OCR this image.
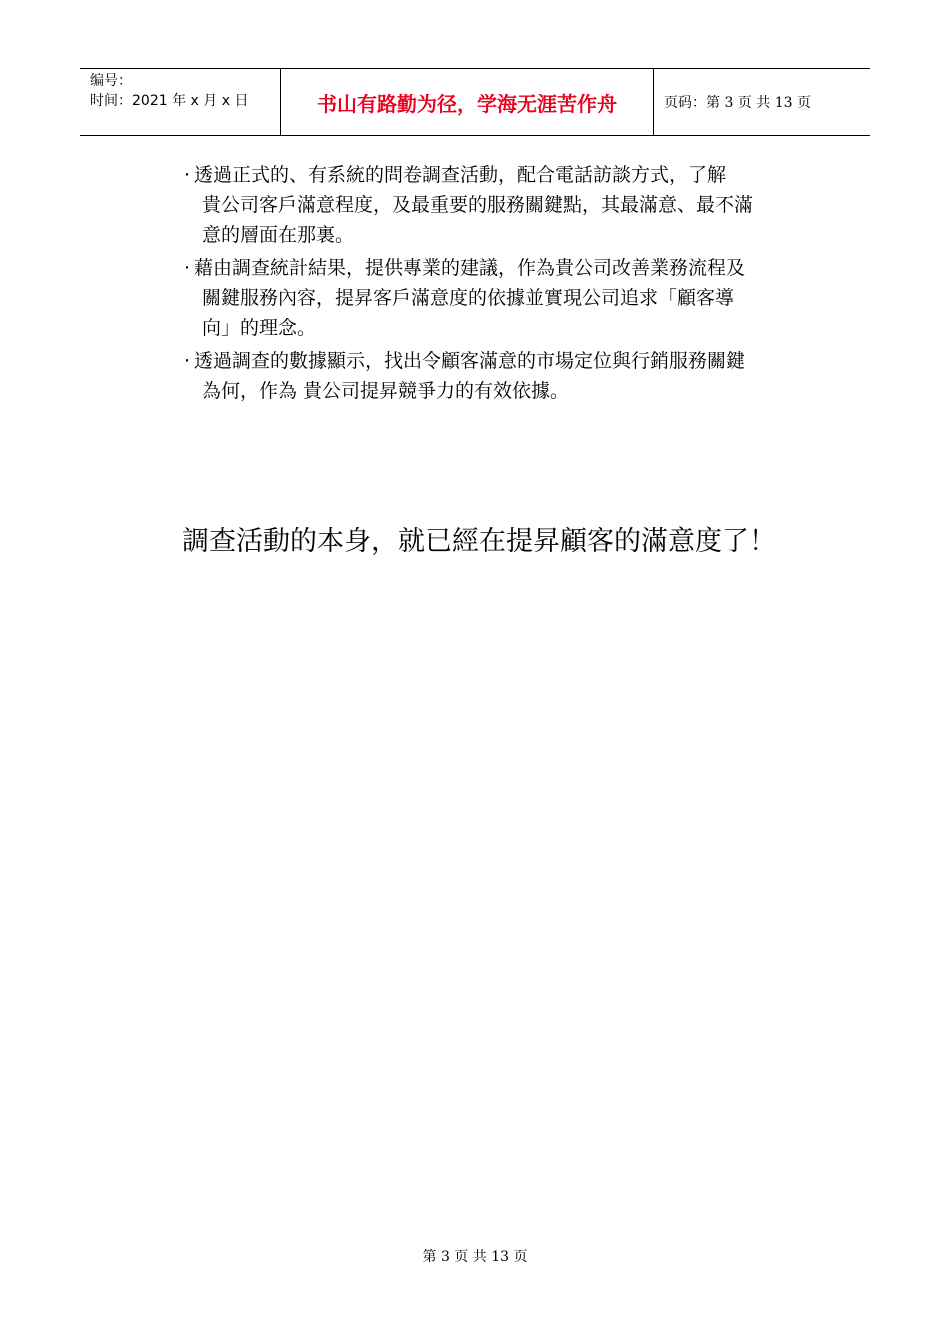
编号：
时间：2021 年 x 月 x 日	书山有路勤为径，学海无涯苦作舟	页码：第 3 页 共 13 页
· 透過正式的、有系統的問卷調查活動，配合電話訪談方式，了解
貴公司客戶滿意程度，及最重要的服務關鍵點，其最滿意、最不滿
意的層面在那裏。
· 藉由調查統計結果，提供專業的建議，作為貴公司改善業務流程及
關鍵服務內容，提昇客戶滿意度的依據並實現公司追求「顧客導
向」的理念。
· 透過調查的數據顯示，找出令顧客滿意的市場定位與行銷服務關鍵
為何，作為 貴公司提昇競爭力的有效依據。
調查活動的本身，就已經在提昇顧客的滿意度了！
第 3 页 共 13 页
